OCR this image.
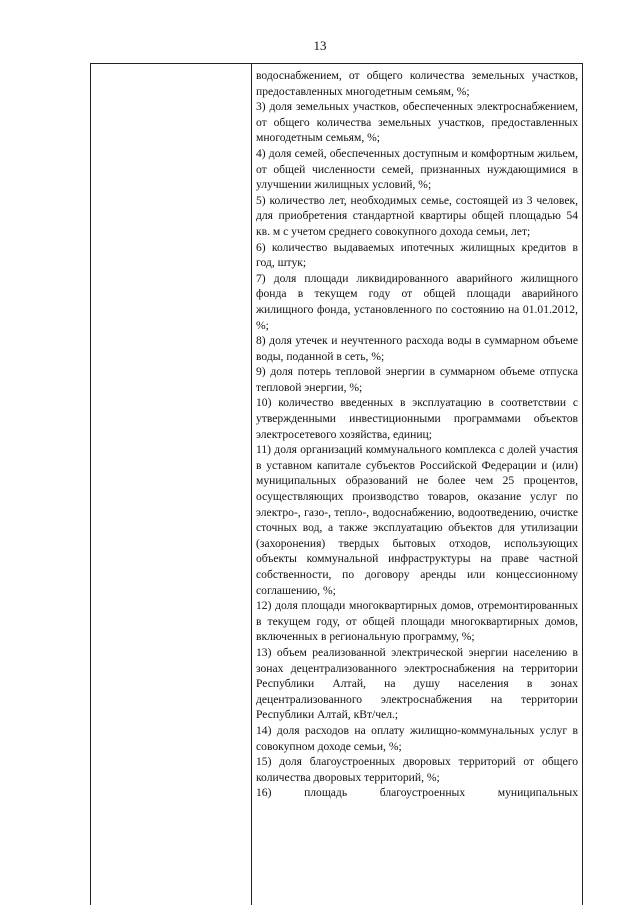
13

водоснабжением, от общего количества земельных участков, предоставленных многодетным семьям, %;

3) доля земельных участков, обеспеченных электроснабжением, от общего количества земельных участков, предоставленных многодетным семьям, %;

4) доля семей, обеспеченных доступным и комфортным жильем, от общей численности семей, признанных нуждающимися в улучшении жилищных условий, %;

5) количество лет, необходимых семье, состоящей из 3 человек, для приобретения стандартной квартиры общей площадью 54 кв. м с учетом среднего совокупного дохода семьи, лет;

6) количество выдаваемых ипотечных жилищных кредитов в год, штук;

7) доля площади ликвидированного аварийного жилищного фонда в текущем году от общей площади аварийного жилищного фонда, установленного по состоянию на 01.01.2012, %;

8) доля утечек и неучтенного расхода воды в суммарном объеме воды, поданной в сеть, %;

9) доля потерь тепловой энергии в суммарном объеме отпуска тепловой энергии, %;

10) количество введенных в эксплуатацию в соответствии с утвержденными инвестиционными программами объектов электросетевого хозяйства, единиц;

11) доля организаций коммунального комплекса с долей участия в уставном капитале субъектов Российской Федерации и (или) муниципальных образований не более чем 25 процентов, осуществляющих производство товаров, оказание услуг по электро-, газо-, тепло-, водоснабжению, водоотведению, очистке сточных вод, а также эксплуатацию объектов для утилизации (захоронения) твердых бытовых отходов, использующих объекты коммунальной инфраструктуры на праве частной собственности, по договору аренды или концессионному соглашению, %;

12) доля площади многоквартирных домов, отремонтированных в текущем году, от общей площади многоквартирных домов, включенных в региональную программу, %;

13) объем реализованной электрической энергии населению в зонах децентрализованного электроснабжения на территории Республики Алтай, на душу населения в зонах децентрализованного электроснабжения на территории Республики Алтай, кВт/чел.;

14) доля расходов на оплату жилищно-коммунальных услуг в совокупном доходе семьи, %;

15) доля благоустроенных дворовых территорий от общего количества дворовых территорий, %;

16) площадь благоустроенных муниципальных
